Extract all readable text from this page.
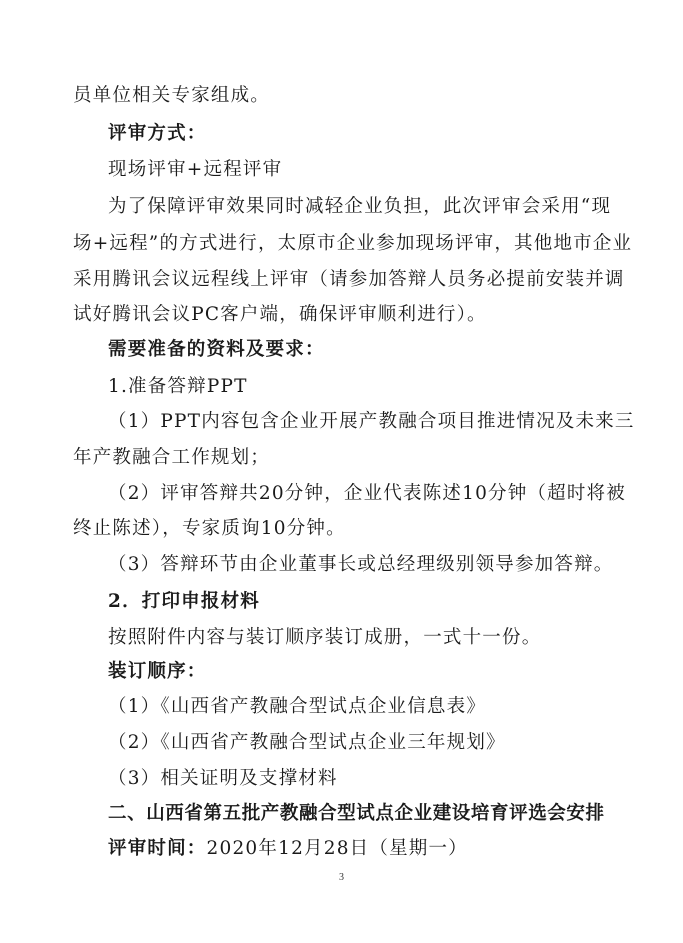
员单位相关专家组成。
评审方式：
现场评审+远程评审
为了保障评审效果同时减轻企业负担，此次评审会采用“现
场+远程”的方式进行，太原市企业参加现场评审，其他地市企业
采用腾讯会议远程线上评审（请参加答辩人员务必提前安装并调
试好腾讯会议PC客户端，确保评审顺利进行）。
需要准备的资料及要求：
1.准备答辩PPT
（1）PPT内容包含企业开展产教融合项目推进情况及未来三
年产教融合工作规划；
（2）评审答辩共20分钟，企业代表陈述10分钟（超时将被
终止陈述），专家质询10分钟。
（3）答辩环节由企业董事长或总经理级别领导参加答辩。
2．打印申报材料
按照附件内容与装订顺序装订成册，一式十一份。
装订顺序：
（1）《山西省产教融合型试点企业信息表》
（2）《山西省产教融合型试点企业三年规划》
（3）相关证明及支撑材料
二、山西省第五批产教融合型试点企业建设培育评选会安排
评审时间：2020年12月28日（星期一）
3
